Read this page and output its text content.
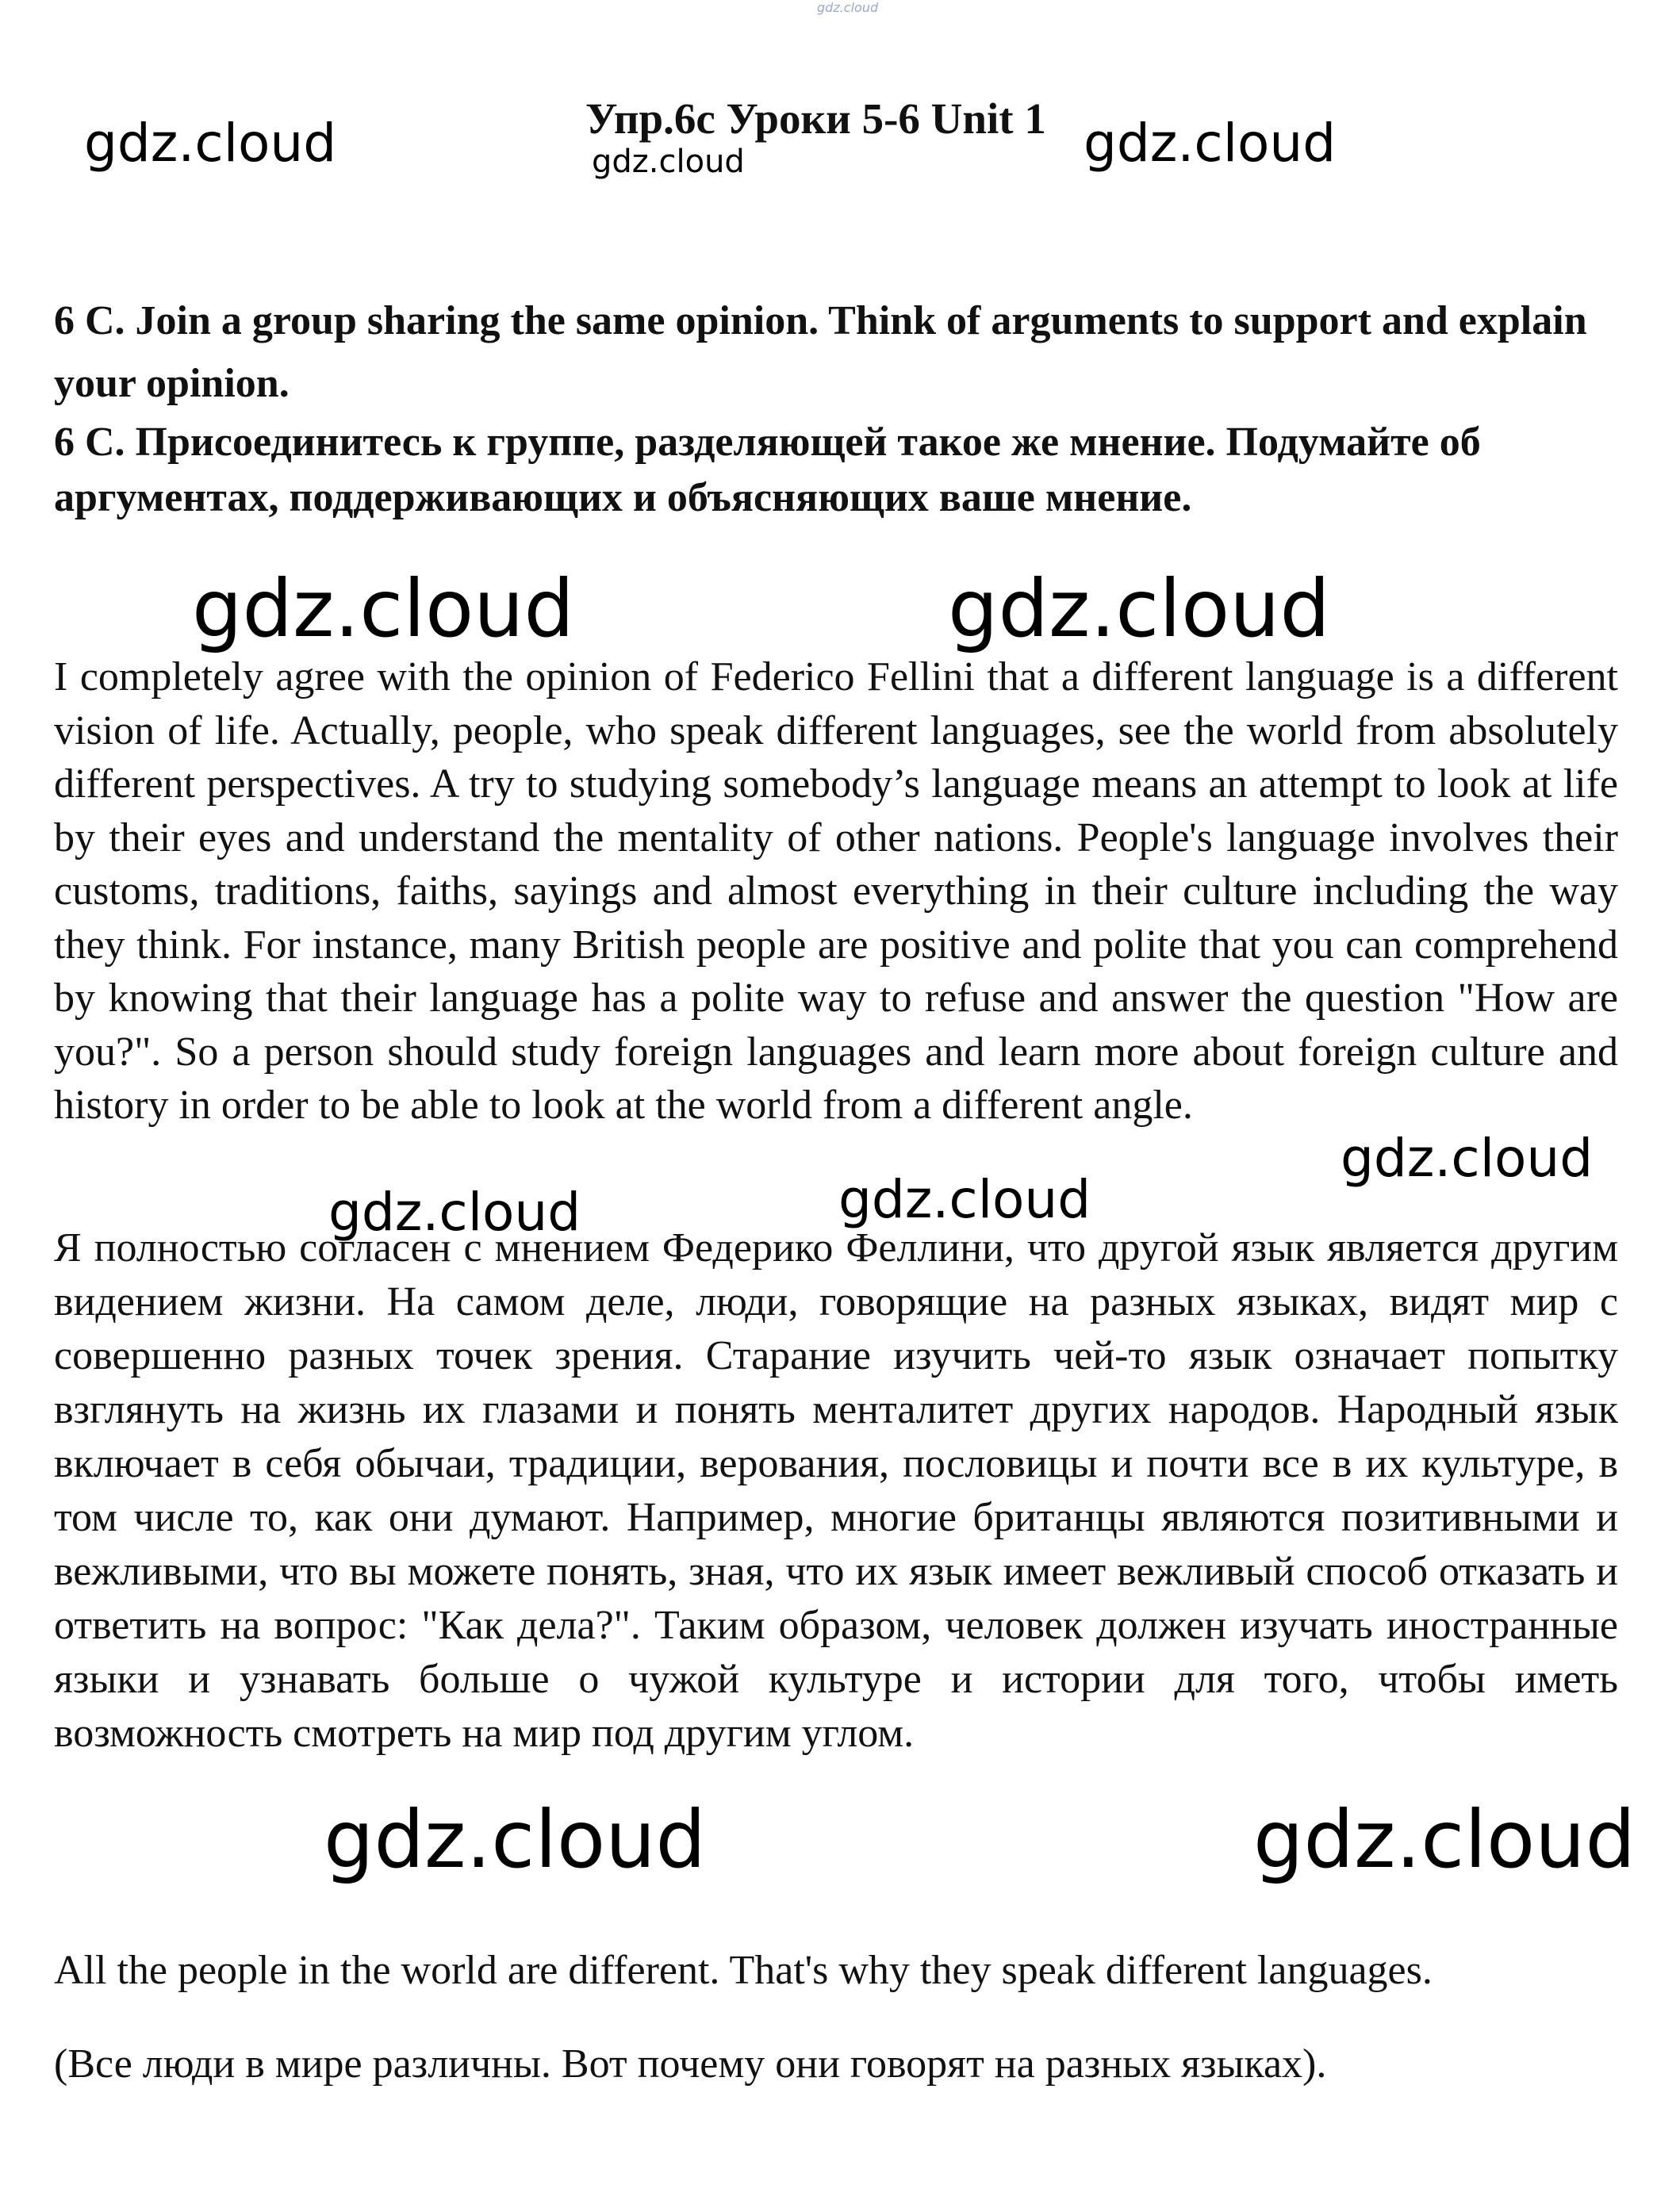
gdz.cloud
Упр.6с Уроки 5-6 Unit 1
gdz.cloud	gdz.cloud	gdz.cloud
6 C. Join a group sharing the same opinion. Think of arguments to support and explain your opinion.
6 С. Присоединитесь к группе, разделяющей такое же мнение. Подумайте об аргументах, поддерживающих и объясняющих ваше мнение.
gdz.cloud	gdz.cloud
I completely agree with the opinion of Federico Fellini that a different language is a different vision of life. Actually, people, who speak different languages, see the world from absolutely different perspectives. A try to studying somebody’s language means an attempt to look at life by their eyes and understand the mentality of other nations. People's language involves their customs, traditions, faiths, sayings and almost everything in their culture including the way they think. For instance, many British people are positive and polite that you can comprehend by knowing that their language has a polite way to refuse and answer the question "How are you?". So a person should study foreign languages and learn more about foreign culture and history in order to be able to look at the world from a different angle.
gdz.cloud
gdz.cloud	gdz.cloud
Я полностью согласен с мнением Федерико Феллини, что другой язык является другим видением жизни. На самом деле, люди, говорящие на разных языках, видят мир с совершенно разных точек зрения. Старание изучить чей-то язык означает попытку взглянуть на жизнь их глазами и понять менталитет других народов. Народный язык включает в себя обычаи, традиции, верования, пословицы и почти все в их культуре, в том числе то, как они думают. Например, многие британцы являются позитивными и вежливыми, что вы можете понять, зная, что их язык имеет вежливый способ отказать и ответить на вопрос: "Как дела?". Таким образом, человек должен изучать иностранные языки и узнавать больше о чужой культуре и истории для того, чтобы иметь возможность смотреть на мир под другим углом.
gdz.cloud	gdz.cloud
All the people in the world are different. That's why they speak different languages.
(Все люди в мире различны. Вот почему они говорят на разных языках).
